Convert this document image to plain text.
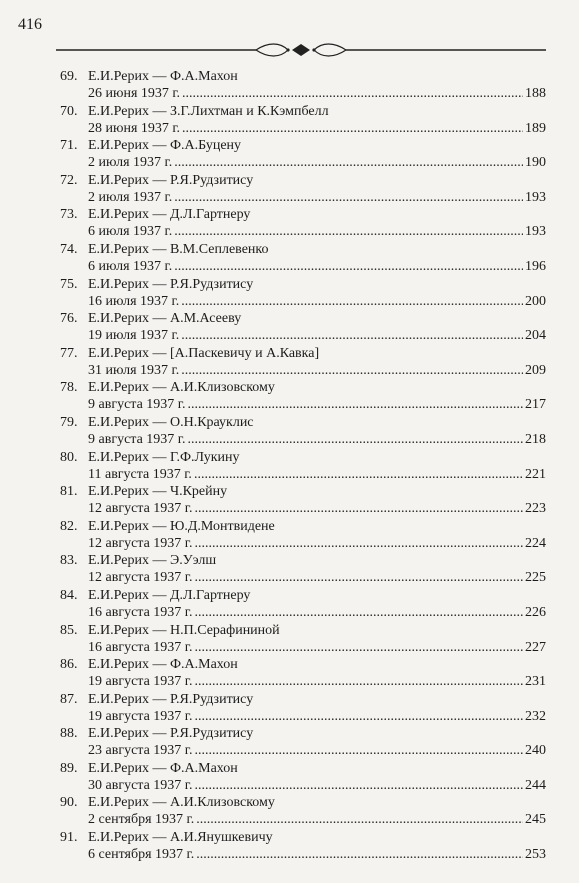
416
69. Е.И.Рерих — Ф.А.Махон
26 июня 1937 г. .....	188
70. Е.И.Рерих — З.Г.Лихтман и К.Кэмпбелл
28 июня 1937 г. .....	189
71. Е.И.Рерих — Ф.А.Буцену
2 июля 1937 г. .....	190
72. Е.И.Рерих — Р.Я.Рудзитису
2 июля 1937 г. .....	193
73. Е.И.Рерих — Д.Л.Гартнеру
6 июля 1937 г. .....	193
74. Е.И.Рерих — В.М.Сеплевенко
6 июля 1937 г. .....	196
75. Е.И.Рерих — Р.Я.Рудзитису
16 июля 1937 г. .....	200
76. Е.И.Рерих — А.М.Асееву
19 июля 1937 г. .....	204
77. Е.И.Рерих — [А.Паскевичу и А.Кавка]
31 июля 1937 г. .....	209
78. Е.И.Рерих — А.И.Клизовскому
9 августа 1937 г. .....	217
79. Е.И.Рерих — О.Н.Крауклис
9 августа 1937 г. .....	218
80. Е.И.Рерих — Г.Ф.Лукину
11 августа 1937 г. .....	221
81. Е.И.Рерих — Ч.Крейну
12 августа 1937 г. .....	223
82. Е.И.Рерих — Ю.Д.Монтвидене
12 августа 1937 г. .....	224
83. Е.И.Рерих — Э.Уэлш
12 августа 1937 г. .....	225
84. Е.И.Рерих — Д.Л.Гартнеру
16 августа 1937 г. .....	226
85. Е.И.Рерих — Н.П.Серафининой
16 августа 1937 г. .....	227
86. Е.И.Рерих — Ф.А.Махон
19 августа 1937 г. .....	231
87. Е.И.Рерих — Р.Я.Рудзитису
19 августа 1937 г. .....	232
88. Е.И.Рерих — Р.Я.Рудзитису
23 августа 1937 г. .....	240
89. Е.И.Рерих — Ф.А.Махон
30 августа 1937 г. .....	244
90. Е.И.Рерих — А.И.Клизовскому
2 сентября 1937 г. .....	245
91. Е.И.Рерих — А.И.Янушкевичу
6 сентября 1937 г. .....	253
